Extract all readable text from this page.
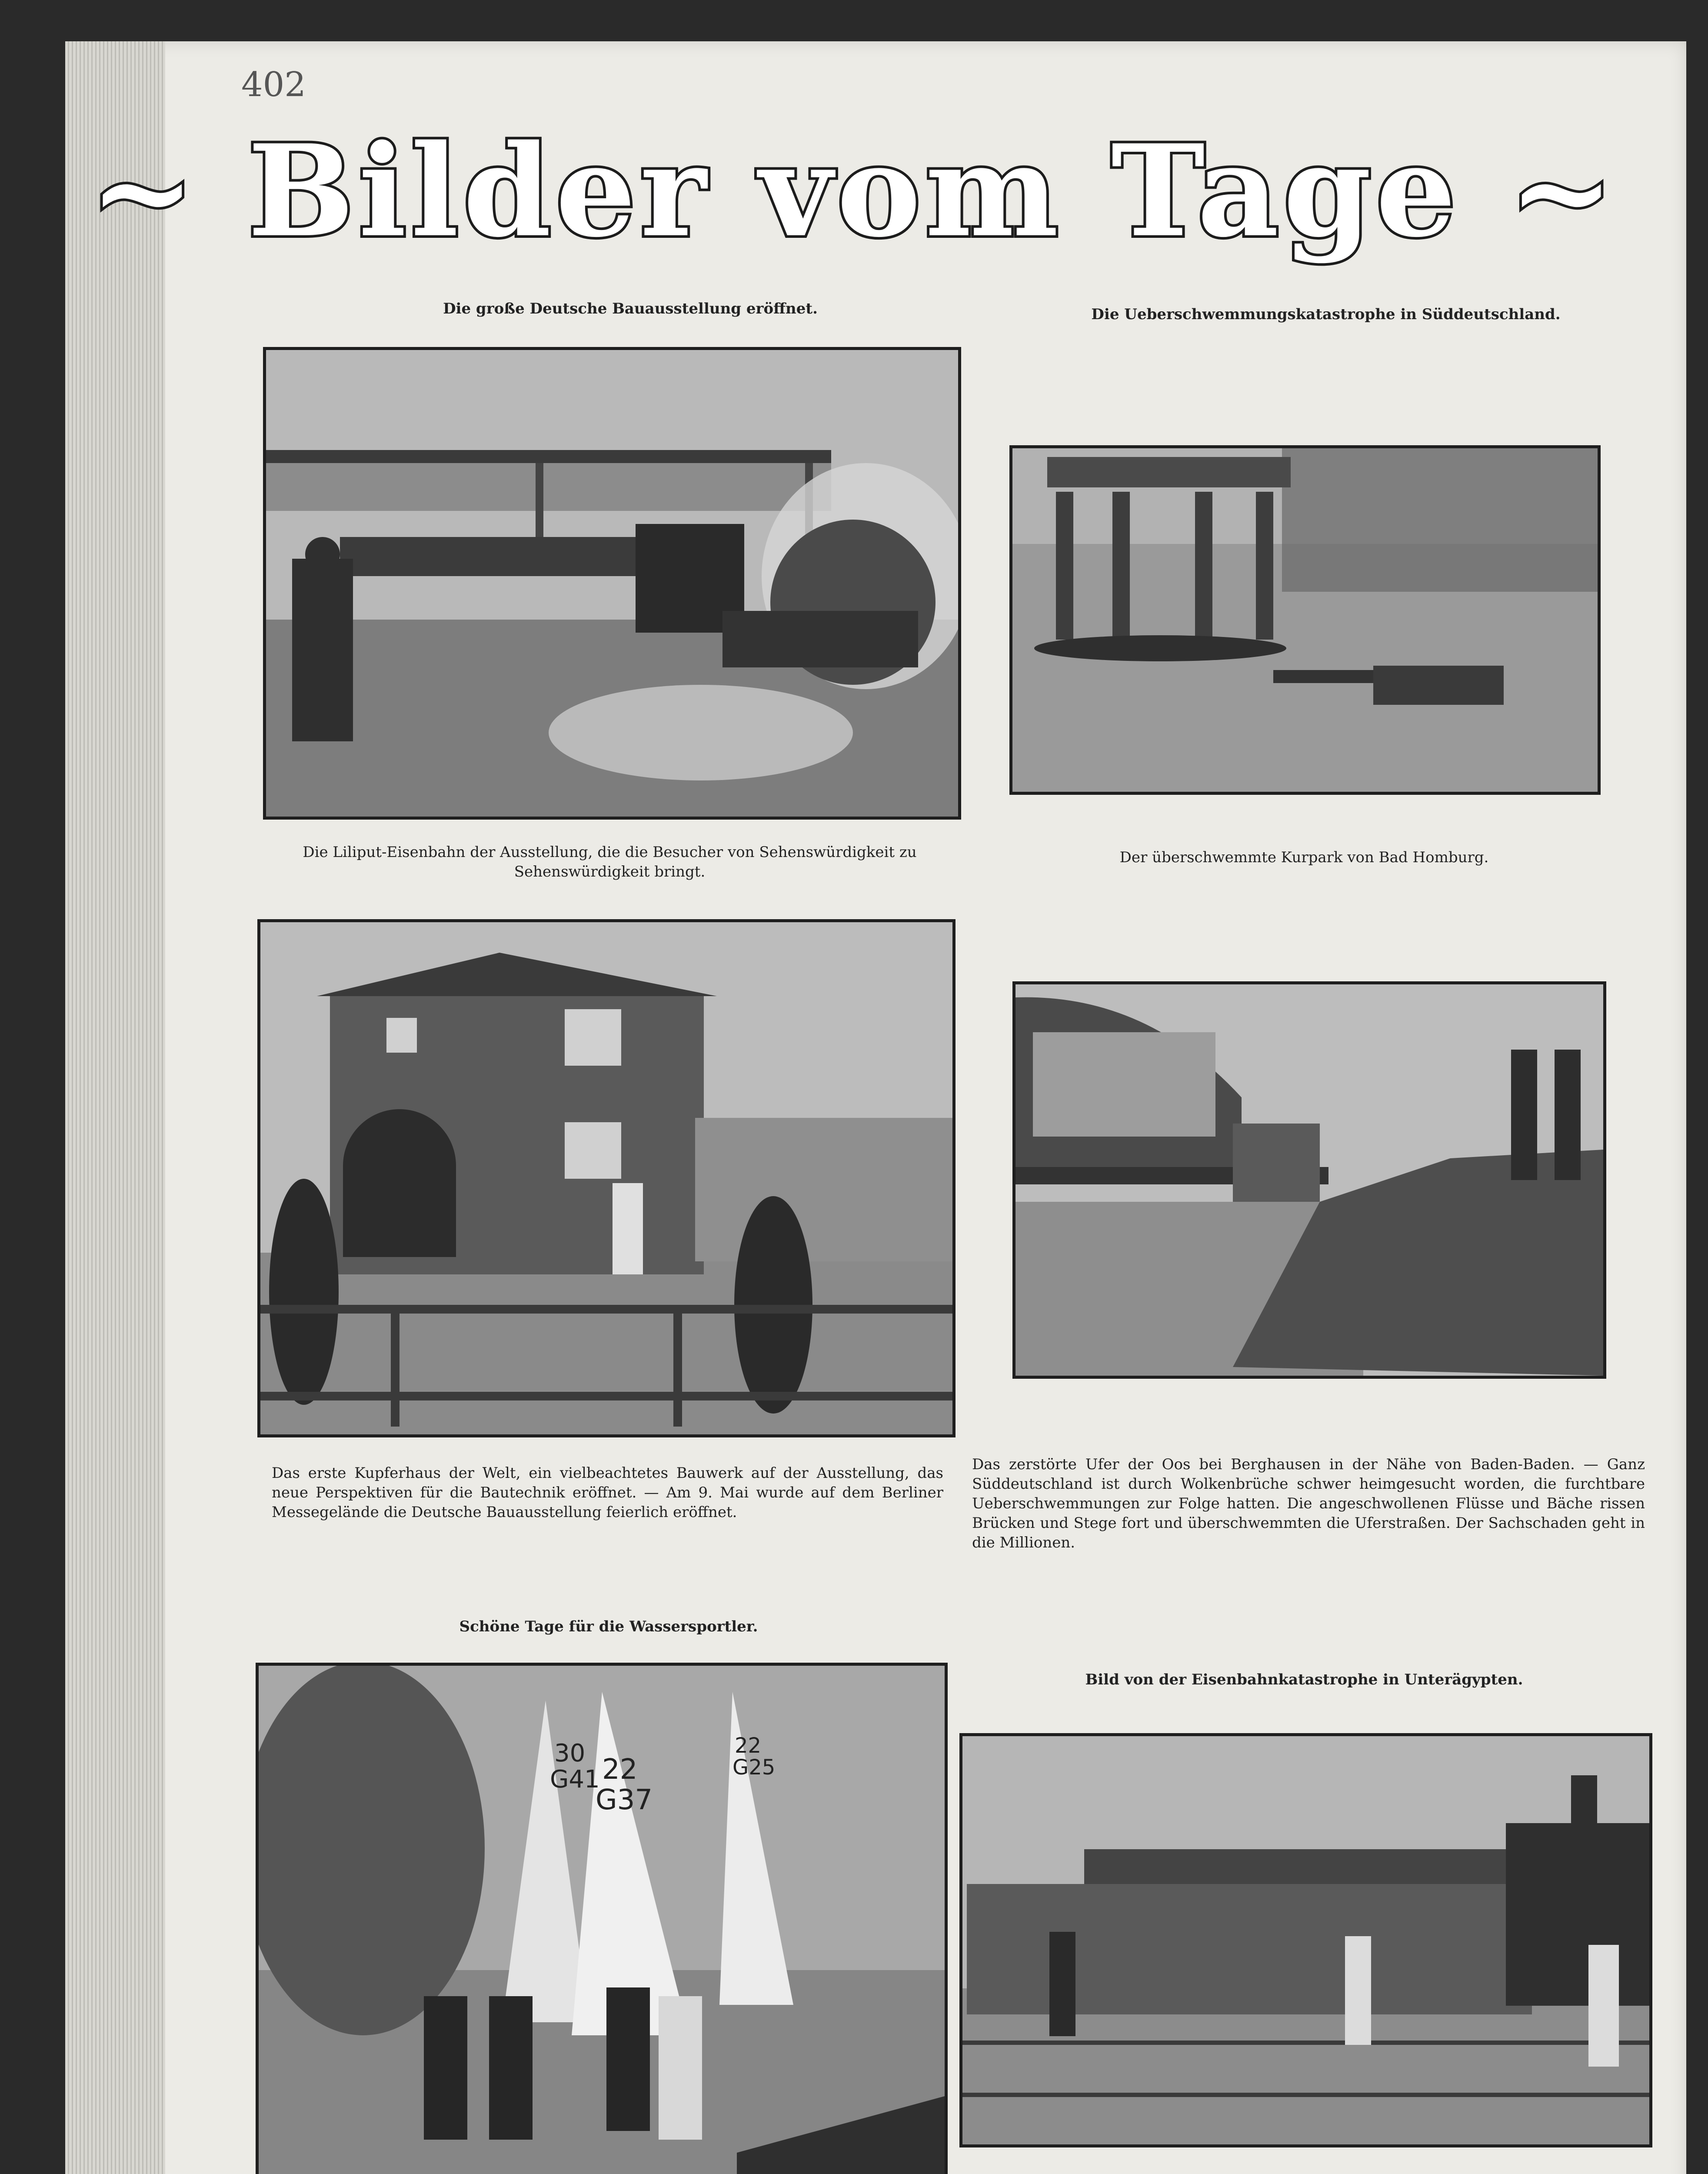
402
~ Bilder vom Tage ~
Die große Deutsche Bauausstellung eröffnet.	Die Ueberschwemmungskatastrophe in Süddeutschland.
Die Liliput-Eisenbahn der Ausstellung, die die Besucher von Sehenswürdigkeit zu Sehenswürdigkeit bringt.
Der überschwemmte Kurpark von Bad Homburg.
Das erste Kupferhaus der Welt, ein vielbeachtetes Bauwerk auf der Ausstellung, das neue Perspektiven für die Bautechnik eröffnet. — Am 9. Mai wurde auf dem Berliner Messegelände die Deutsche Bauausstellung feierlich eröffnet.
Das zerstörte Ufer der Oos bei Berghausen in der Nähe von Baden-Baden. — Ganz Süddeutschland ist durch Wolkenbrüche schwer heimgesucht worden, die furchtbare Ueberschwemmungen zur Folge hatten. Die angeschwollenen Flüsse und Bäche rissen Brücken und Stege fort und überschwemmten die Uferstraßen. Der Sachschaden geht in die Millionen.
Schöne Tage für die Wassersportler.
Bild von der Eisenbahnkatastrophe in Unterägypten.
30
G41 22
G37
22
G25
